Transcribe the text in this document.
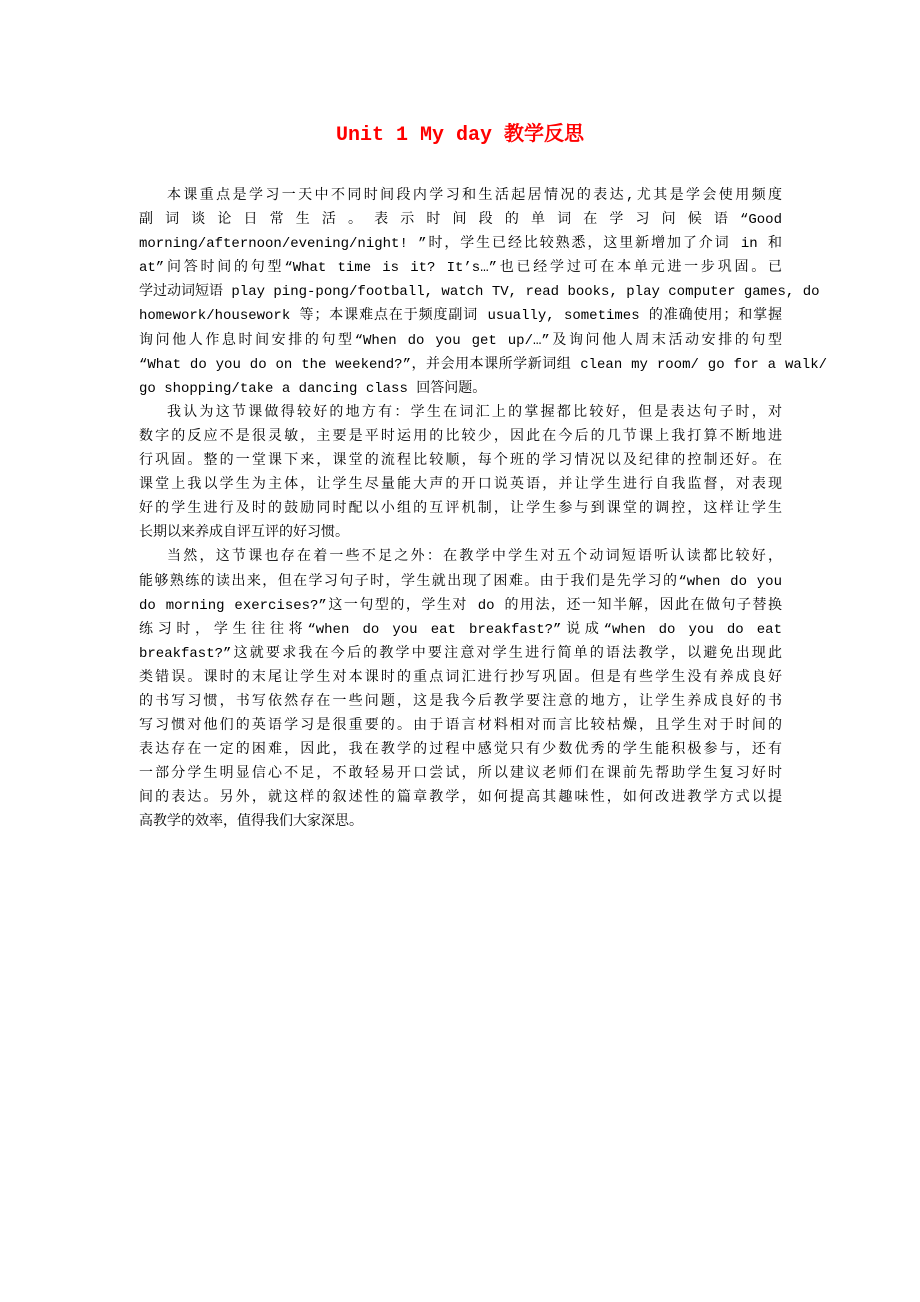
Unit 1 My day 教学反思
本课重点是学习一天中不同时间段内学习和生活起居情况的表达,尤其是学会使用频度
副词谈论日常生活。表示时间段的单词在学习问候语“Good
morning/afternoon/evening/night! ”时，学生已经比较熟悉，这里新增加了介词 in 和
at”问答时间的句型“What time is it? It’s…”也已经学过可在本单元进一步巩固。已
学过动词短语 play ping-pong/football, watch TV, read books, play computer games, do
homework/housework 等；本课难点在于频度副词 usually, sometimes 的准确使用；和掌握
询问他人作息时间安排的句型“When do you get up/…”及询问他人周末活动安排的句型
“What do you do on the weekend?”，并会用本课所学新词组 clean my room/ go for a walk/
go shopping/take a dancing class 回答问题。
我认为这节课做得较好的地方有：学生在词汇上的掌握都比较好，但是表达句子时，对
数字的反应不是很灵敏，主要是平时运用的比较少，因此在今后的几节课上我打算不断地进
行巩固。整的一堂课下来，课堂的流程比较顺，每个班的学习情况以及纪律的控制还好。在
课堂上我以学生为主体，让学生尽量能大声的开口说英语，并让学生进行自我监督，对表现
好的学生进行及时的鼓励同时配以小组的互评机制，让学生参与到课堂的调控，这样让学生
长期以来养成自评互评的好习惯。
当然，这节课也存在着一些不足之外：在教学中学生对五个动词短语听认读都比较好，
能够熟练的读出来，但在学习句子时，学生就出现了困难。由于我们是先学习的“when do you
do morning exercises?”这一句型的，学生对 do 的用法，还一知半解，因此在做句子替换
练习时，学生往往将“when do you eat breakfast?”说成“when do you do eat
breakfast?”这就要求我在今后的教学中要注意对学生进行简单的语法教学，以避免出现此
类错误。课时的末尾让学生对本课时的重点词汇进行抄写巩固。但是有些学生没有养成良好
的书写习惯，书写依然存在一些问题，这是我今后教学要注意的地方，让学生养成良好的书
写习惯对他们的英语学习是很重要的。由于语言材料相对而言比较枯燥，且学生对于时间的
表达存在一定的困难，因此，我在教学的过程中感觉只有少数优秀的学生能积极参与，还有
一部分学生明显信心不足，不敢轻易开口尝试，所以建议老师们在课前先帮助学生复习好时
间的表达。另外，就这样的叙述性的篇章教学，如何提高其趣味性，如何改进教学方式以提
高教学的效率，值得我们大家深思。
